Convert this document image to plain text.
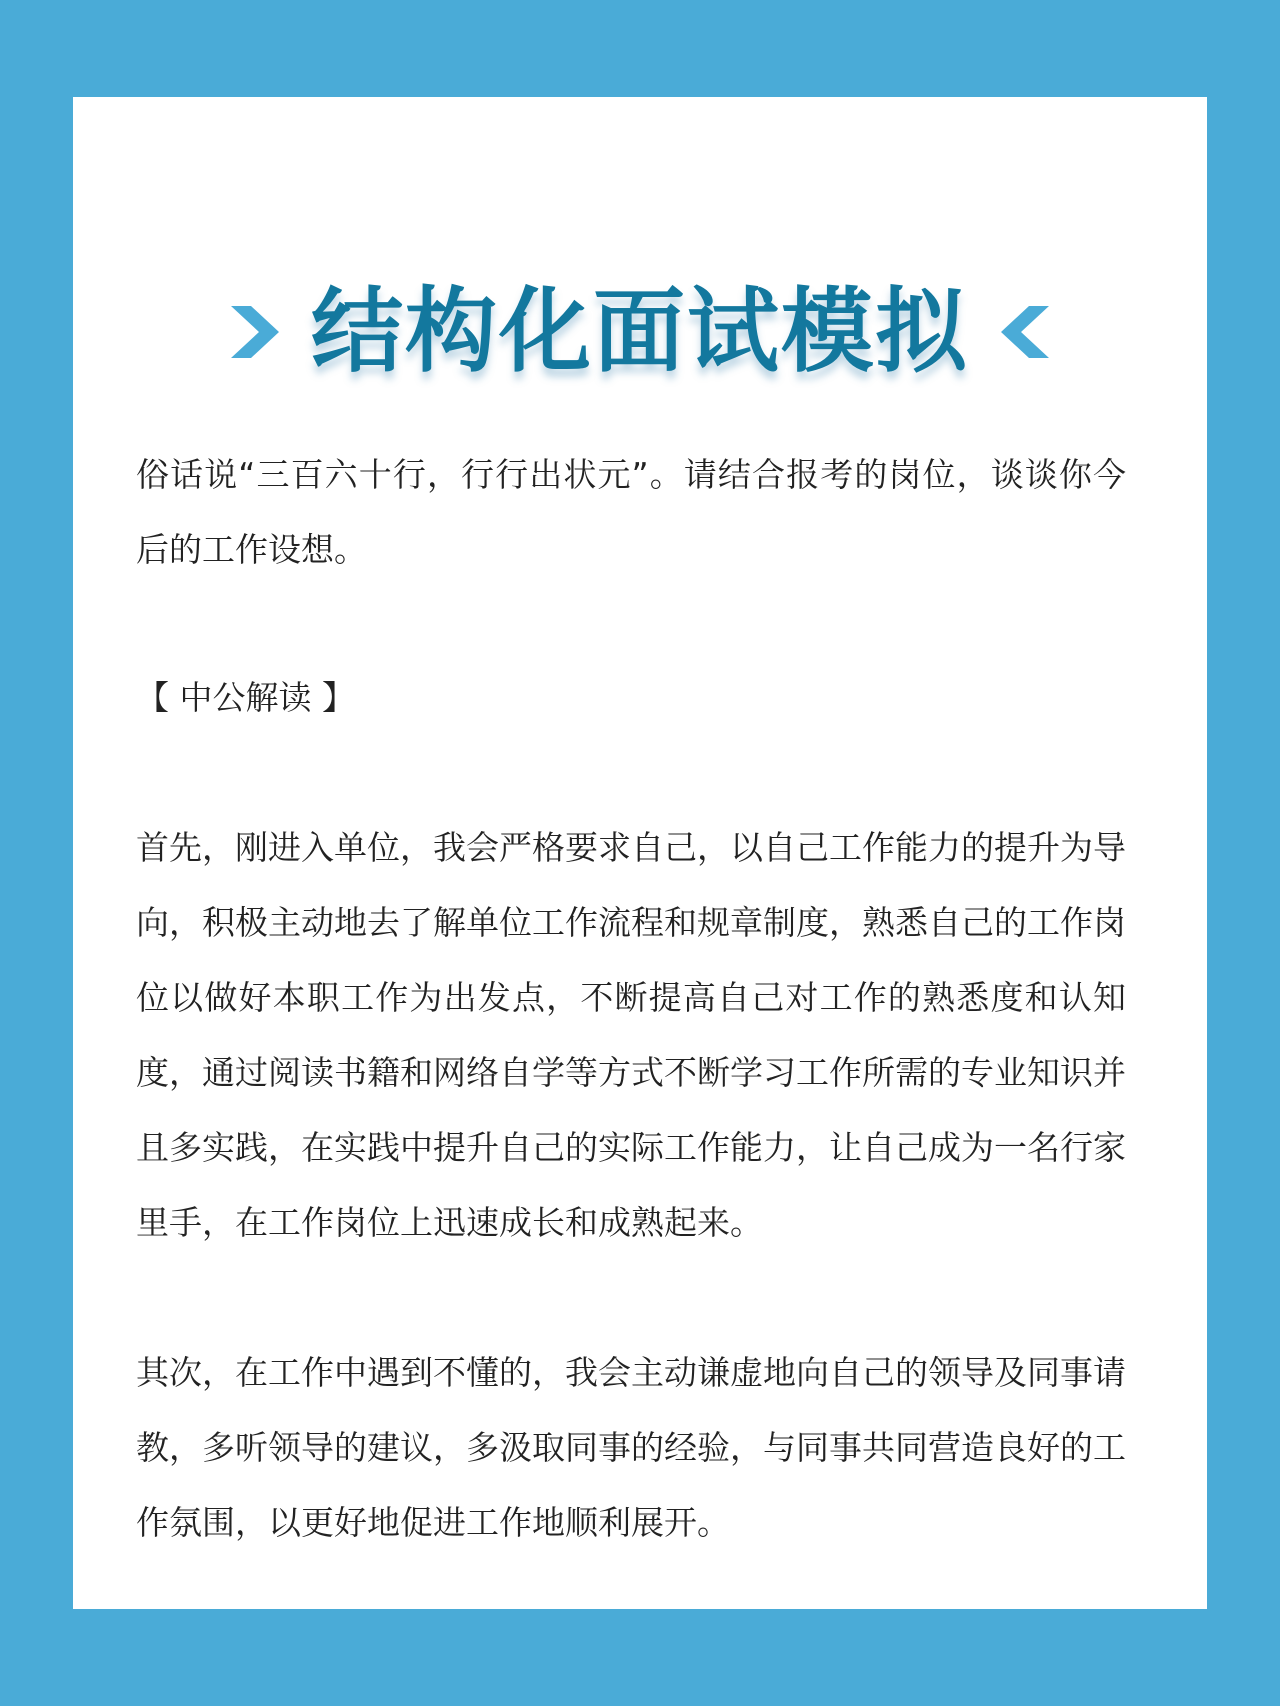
结构化面试模拟

俗话说“三百六十行，行行出状元”。请结合报考的岗位，谈谈你今后的工作设想。

【 中公解读 】

首先，刚进入单位，我会严格要求自己，以自己工作能力的提升为导向，积极主动地去了解单位工作流程和规章制度，熟悉自己的工作岗位以做好本职工作为出发点，不断提高自己对工作的熟悉度和认知度，通过阅读书籍和网络自学等方式不断学习工作所需的专业知识并且多实践，在实践中提升自己的实际工作能力，让自己成为一名行家里手，在工作岗位上迅速成长和成熟起来。

其次，在工作中遇到不懂的，我会主动谦虚地向自己的领导及同事请教，多听领导的建议，多汲取同事的经验，与同事共同营造良好的工作氛围，以更好地促进工作地顺利展开。
